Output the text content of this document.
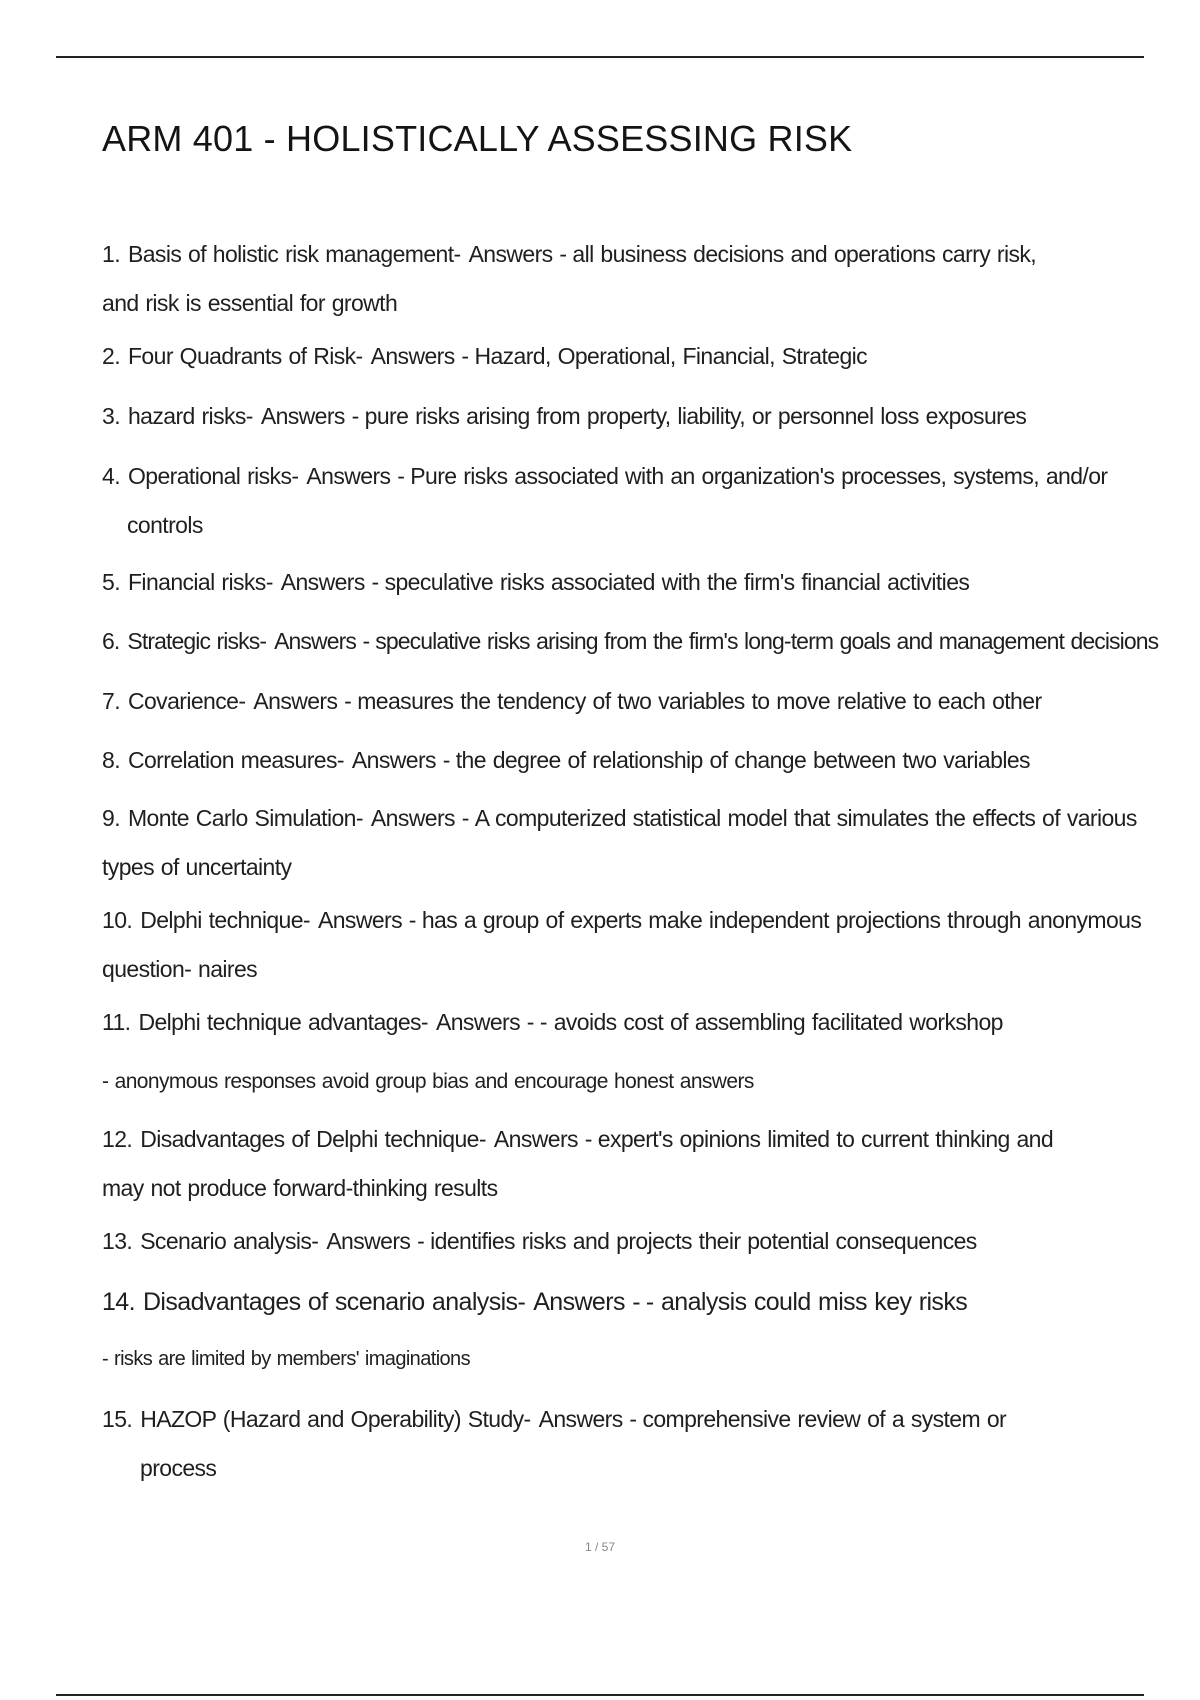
ARM 401 - HOLISTICALLY ASSESSING RISK
1. Basis of holistic risk management- Answers - all business decisions and operations carry risk,
and risk is essential for growth
2. Four Quadrants of Risk- Answers - Hazard, Operational, Financial, Strategic
3. hazard risks- Answers - pure risks arising from property, liability, or personnel loss exposures
4. Operational risks- Answers - Pure risks associated with an organization's processes, systems, and/or
controls
5. Financial risks- Answers - speculative risks associated with the firm's financial activities
6. Strategic risks- Answers - speculative risks arising from the firm's long-term goals and management decisions
7. Covarience- Answers - measures the tendency of two variables to move relative to each other
8. Correlation measures- Answers - the degree of relationship of change between two variables
9. Monte Carlo Simulation- Answers - A computerized statistical model that simulates the effects of various
types of uncertainty
10. Delphi technique- Answers - has a group of experts make independent projections through anonymous
question- naires
11. Delphi technique advantages- Answers - - avoids cost of assembling facilitated workshop
- anonymous responses avoid group bias and encourage honest answers
12. Disadvantages of Delphi technique- Answers - expert's opinions limited to current thinking and
may not produce forward-thinking results
13. Scenario analysis- Answers - identifies risks and projects their potential consequences
14. Disadvantages of scenario analysis- Answers - - analysis could miss key risks
- risks are limited by members' imaginations
15. HAZOP (Hazard and Operability) Study- Answers - comprehensive review of a system or
process
1 / 57
